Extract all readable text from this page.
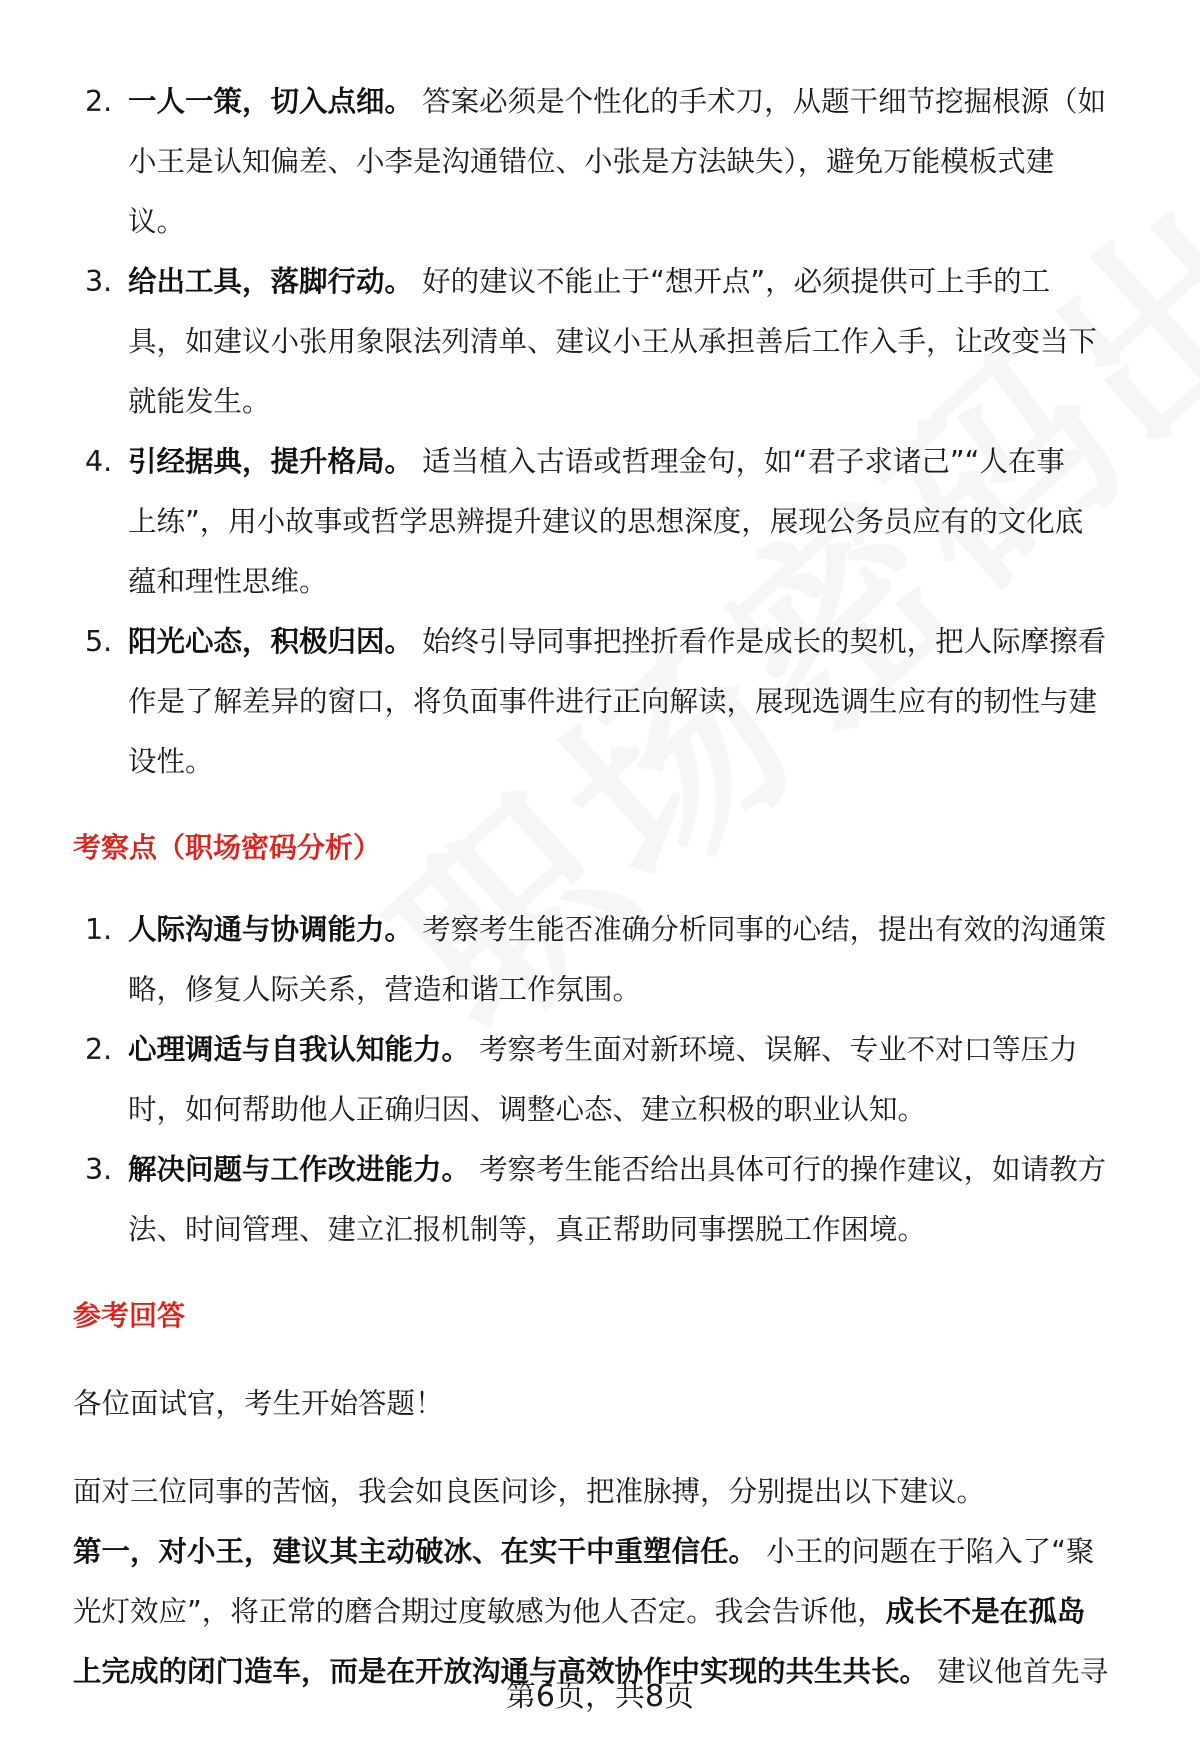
2. 一人一策，切入点细。 答案必须是个性化的手术刀，从题干细节挖掘根源（如
小王是认知偏差、小李是沟通错位、小张是方法缺失），避免万能模板式建
议。
3. 给出工具，落脚行动。 好的建议不能止于“想开点”，必须提供可上手的工
具，如建议小张用象限法列清单、建议小王从承担善后工作入手，让改变当下
就能发生。
4. 引经据典，提升格局。 适当植入古语或哲理金句，如“君子求诸己”“人在事
上练”，用小故事或哲学思辨提升建议的思想深度，展现公务员应有的文化底
蕴和理性思维。
5. 阳光心态，积极归因。 始终引导同事把挫折看作是成长的契机，把人际摩擦看
作是了解差异的窗口，将负面事件进行正向解读，展现选调生应有的韧性与建
设性。
考察点（职场密码分析）
1. 人际沟通与协调能力。 考察考生能否准确分析同事的心结，提出有效的沟通策
略，修复人际关系，营造和谐工作氛围。
2. 心理调适与自我认知能力。 考察考生面对新环境、误解、专业不对口等压力
时，如何帮助他人正确归因、调整心态、建立积极的职业认知。
3. 解决问题与工作改进能力。 考察考生能否给出具体可行的操作建议，如请教方
法、时间管理、建立汇报机制等，真正帮助同事摆脱工作困境。
参考回答
各位面试官，考生开始答题！
面对三位同事的苦恼，我会如良医问诊，把准脉搏，分别提出以下建议。
第一，对小王，建议其主动破冰、在实干中重塑信任。 小王的问题在于陷入了“聚
光灯效应”，将正常的磨合期过度敏感为他人否定。我会告诉他，成长不是在孤岛
上完成的闭门造车，而是在开放沟通与高效协作中实现的共生共长。 建议他首先寻
第6页，共8页
